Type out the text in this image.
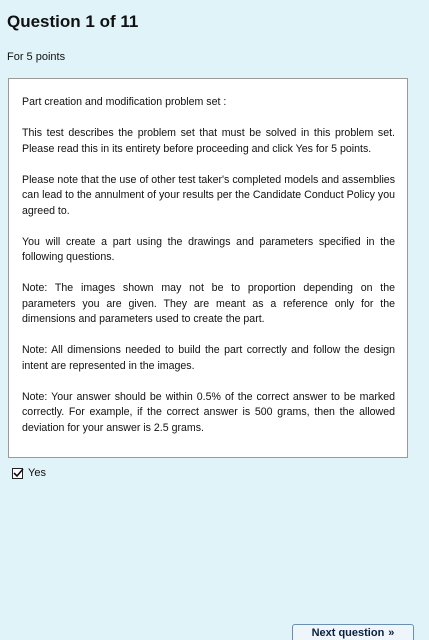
Question 1 of 11
For 5 points

Part creation and modification problem set :

This test describes the problem set that must be solved in this problem set. Please read this in its entirety before proceeding and click Yes for 5 points.

Please note that the use of other test taker's completed models and assemblies can lead to the annulment of your results per the Candidate Conduct Policy you agreed to.

You will create a part using the drawings and parameters specified in the following questions.

Note: The images shown may not be to proportion depending on the parameters you are given. They are meant as a reference only for the dimensions and parameters used to create the part.

Note: All dimensions needed to build the part correctly and follow the design intent are represented in the images.

Note: Your answer should be within 0.5% of the correct answer to be marked correctly. For example, if the correct answer is 500 grams, then the allowed deviation for your answer is 2.5 grams.

Yes
Next question »
